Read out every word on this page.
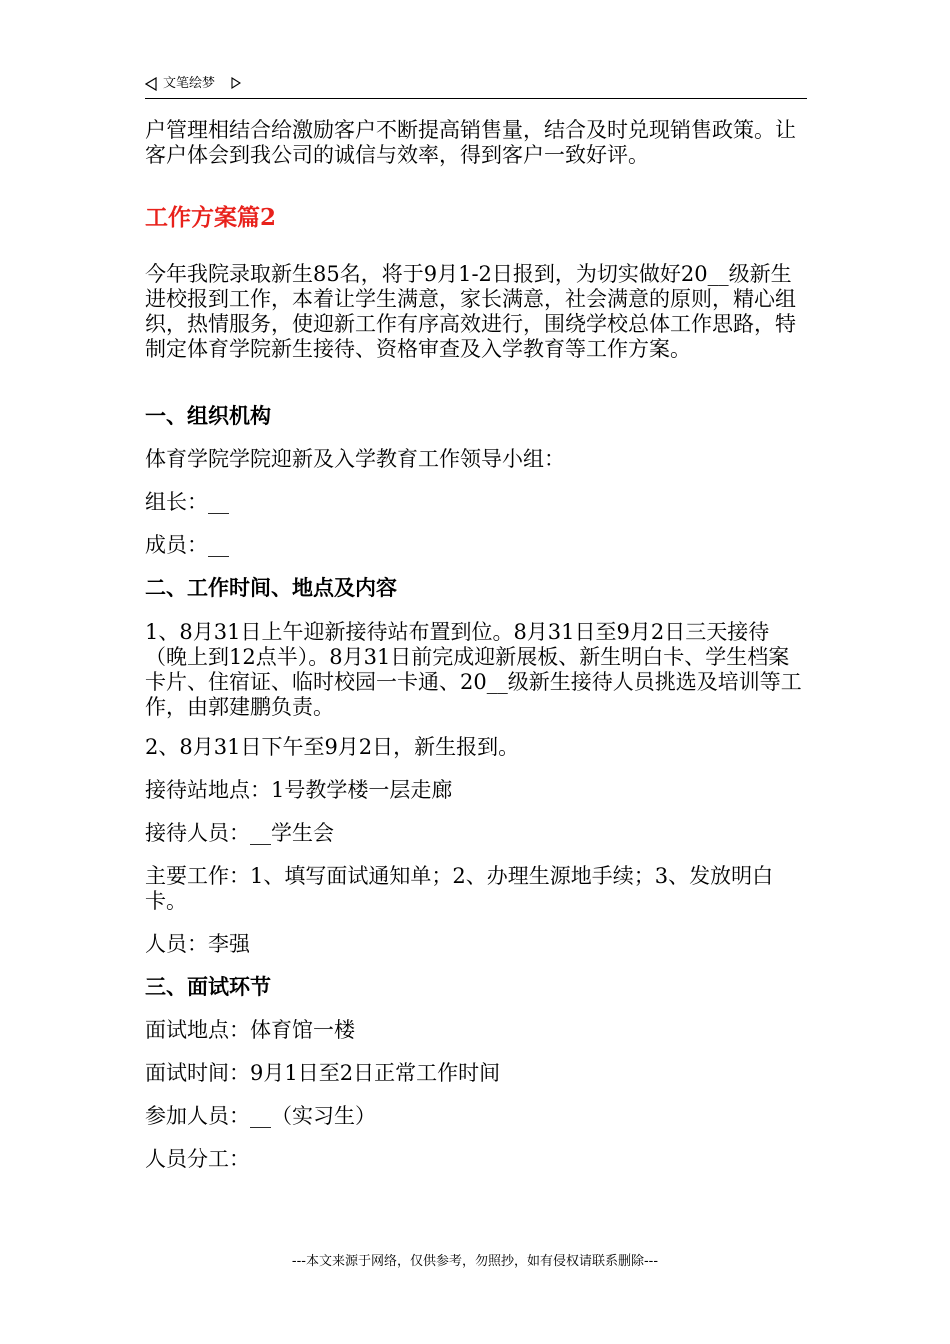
文笔绘梦

户管理相结合给激励客户不断提高销售量，结合及时兑现销售政策。让客户体会到我公司的诚信与效率，得到客户一致好评。

工作方案篇2
今年我院录取新生85名，将于9月1-2日报到，为切实做好20__级新生进校报到工作，本着让学生满意，家长满意，社会满意的原则，精心组织，热情服务，使迎新工作有序高效进行，围绕学校总体工作思路，特制定体育学院新生接待、资格审查及入学教育等工作方案。
一、组织机构
体育学院学院迎新及入学教育工作领导小组：
组长：__
成员：__
二、工作时间、地点及内容
1、8月31日上午迎新接待站布置到位。8月31日至9月2日三天接待（晚上到12点半）。8月31日前完成迎新展板、新生明白卡、学生档案卡片、住宿证、临时校园一卡通、20__级新生接待人员挑选及培训等工作，由郭建鹏负责。
2、8月31日下午至9月2日，新生报到。
接待站地点：1号教学楼一层走廊
接待人员：__学生会
主要工作：1、填写面试通知单；2、办理生源地手续；3、发放明白卡。
人员：李强
三、面试环节
面试地点：体育馆一楼
面试时间：9月1日至2日正常工作时间
参加人员：__（实习生）
人员分工：
---本文来源于网络，仅供参考，勿照抄，如有侵权请联系删除---
